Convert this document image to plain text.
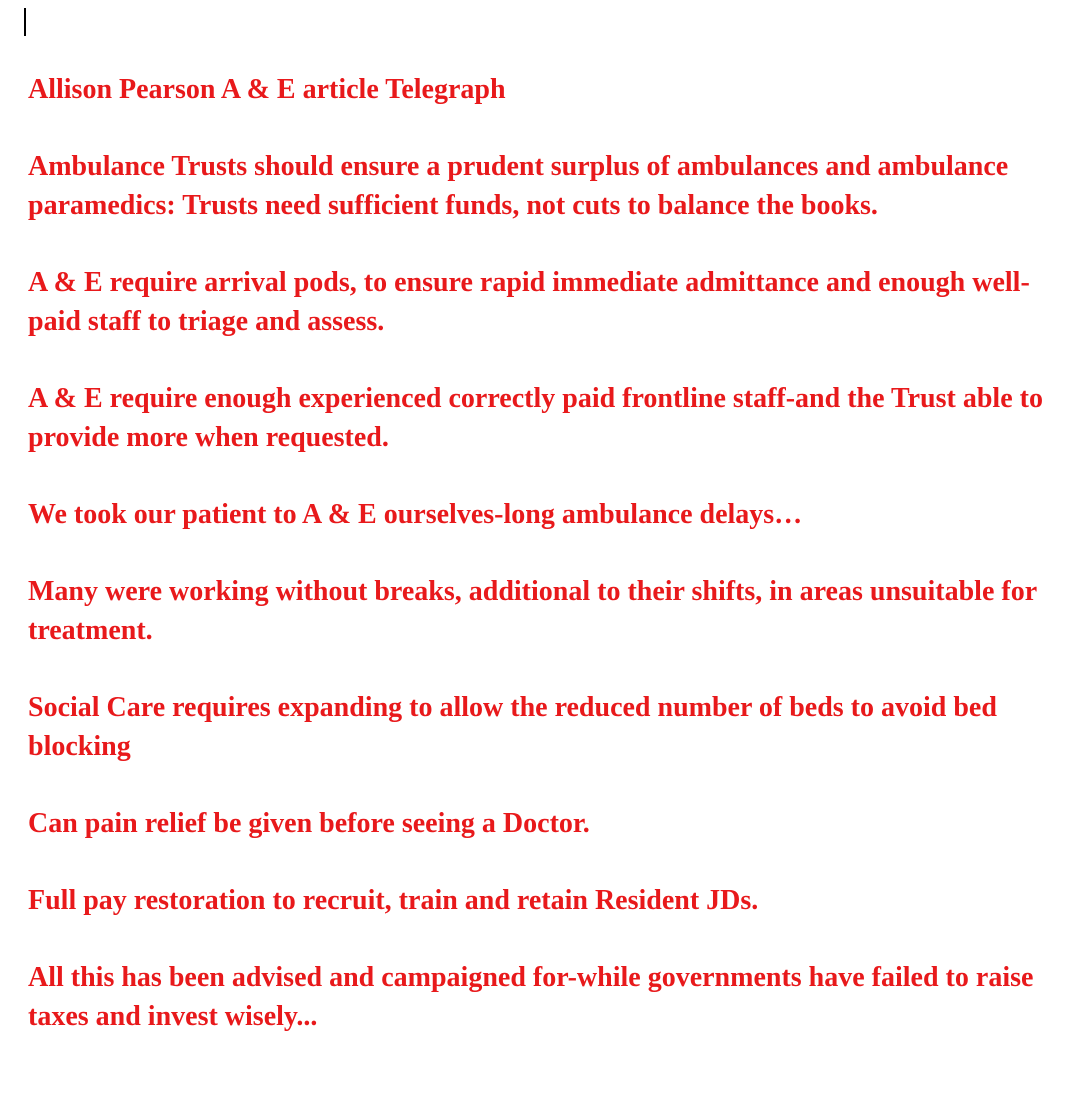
Allison Pearson A & E article Telegraph

Ambulance Trusts should ensure a prudent surplus of ambulances and ambulance paramedics: Trusts need sufficient funds, not cuts to balance the books.

A & E require arrival pods, to ensure rapid immediate admittance and enough well-paid staff to triage and assess.

A & E require enough experienced correctly paid frontline staff-and the Trust able to provide more when requested.

We took our patient to A & E ourselves-long ambulance delays…

Many were working without breaks, additional to their shifts, in areas unsuitable for treatment.

Social Care requires expanding to allow the reduced number of beds to avoid bed blocking

Can pain relief be given before seeing a Doctor.

Full pay restoration to recruit, train and retain Resident JDs.

All this has been advised and campaigned for-while governments have failed to raise taxes and invest wisely...
